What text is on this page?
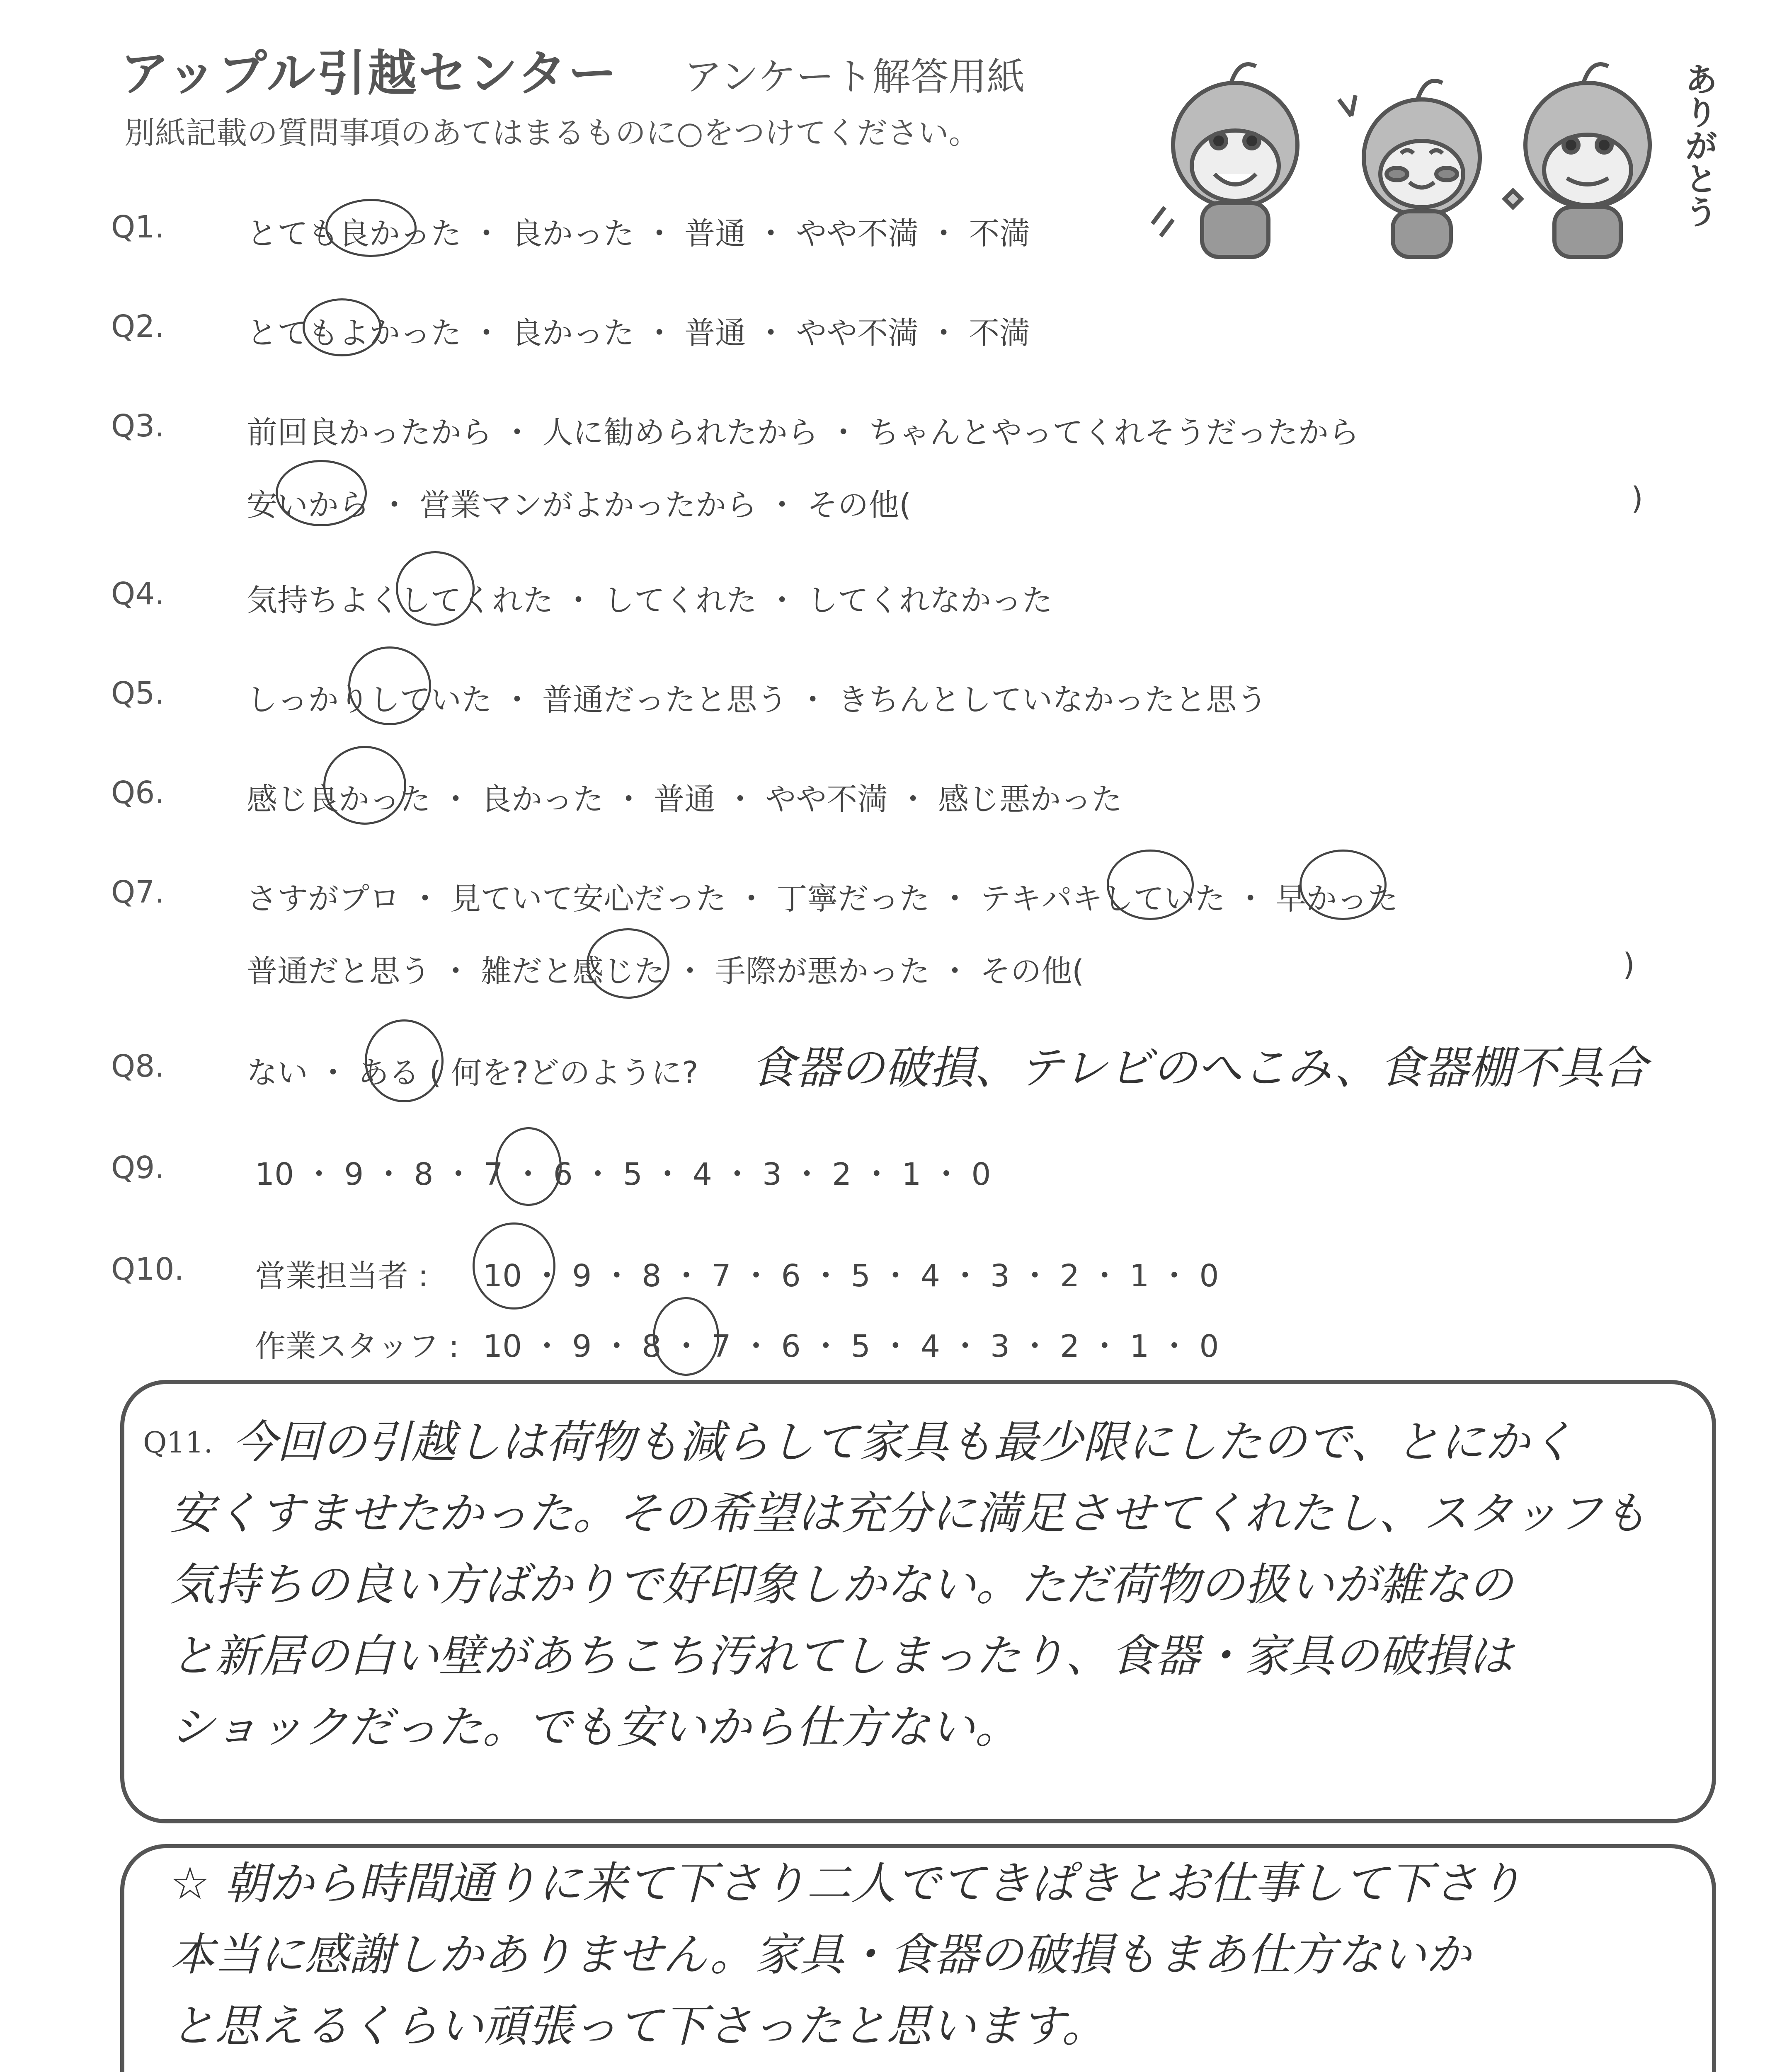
アップル引越センター アンケート解答用紙
別紙記載の質問事項のあてはまるものに○をつけてください。	ありがとう
Q1.	とても良かった ・ 良かった ・ 普通 ・ やや不満 ・ 不満
Q2.	とてもよかった ・ 良かった ・ 普通 ・ やや不満 ・ 不満
Q3.	前回良かったから ・ 人に勧められたから ・ ちゃんとやってくれそうだったから
安いから ・ 営業マンがよかったから ・ その他(	)
Q4.	気持ちよくしてくれた ・ してくれた ・ してくれなかった
Q5.	しっかりしていた ・ 普通だったと思う ・ きちんとしていなかったと思う
Q6.	感じ良かった ・ 良かった ・ 普通 ・ やや不満 ・ 感じ悪かった
Q7.	さすがプロ ・ 見ていて安心だった ・ 丁寧だった ・ テキパキしていた ・ 早かった
普通だと思う ・ 雑だと感じた ・ 手際が悪かった ・ その他(	)
Q8.	ない ・ ある ( 何を?どのように? 食器の破損、テレビのへこみ、食器棚不具合
Q9.	10 ・ 9 ・ 8 ・ 7 ・ 6 ・ 5 ・ 4 ・ 3 ・ 2 ・ 1 ・ 0
Q10. 営業担当者 : 10 ・ 9 ・ 8 ・ 7 ・ 6 ・ 5 ・ 4 ・ 3 ・ 2 ・ 1 ・ 0
作業スタッフ : 10 ・ 9 ・ 8 ・ 7 ・ 6 ・ 5 ・ 4 ・ 3 ・ 2 ・ 1 ・ 0
Q11. 今回の引越しは荷物も減らして家具も最少限にしたので、とにかく
安くすませたかった。その希望は充分に満足させてくれたし、スタッフも
気持ちの良い方ばかりで好印象しかない。ただ荷物の扱いが雑なの
と新居の白い壁があちこち汚れてしまったり、食器・家具の破損は
ショックだった。でも安いから仕方ない。
☆ 朝から時間通りに来て下さり二人でてきぱきとお仕事して下さり
本当に感謝しかありません。家具・食器の破損もまあ仕方ないか
と思えるくらい頑張って下さったと思います。
